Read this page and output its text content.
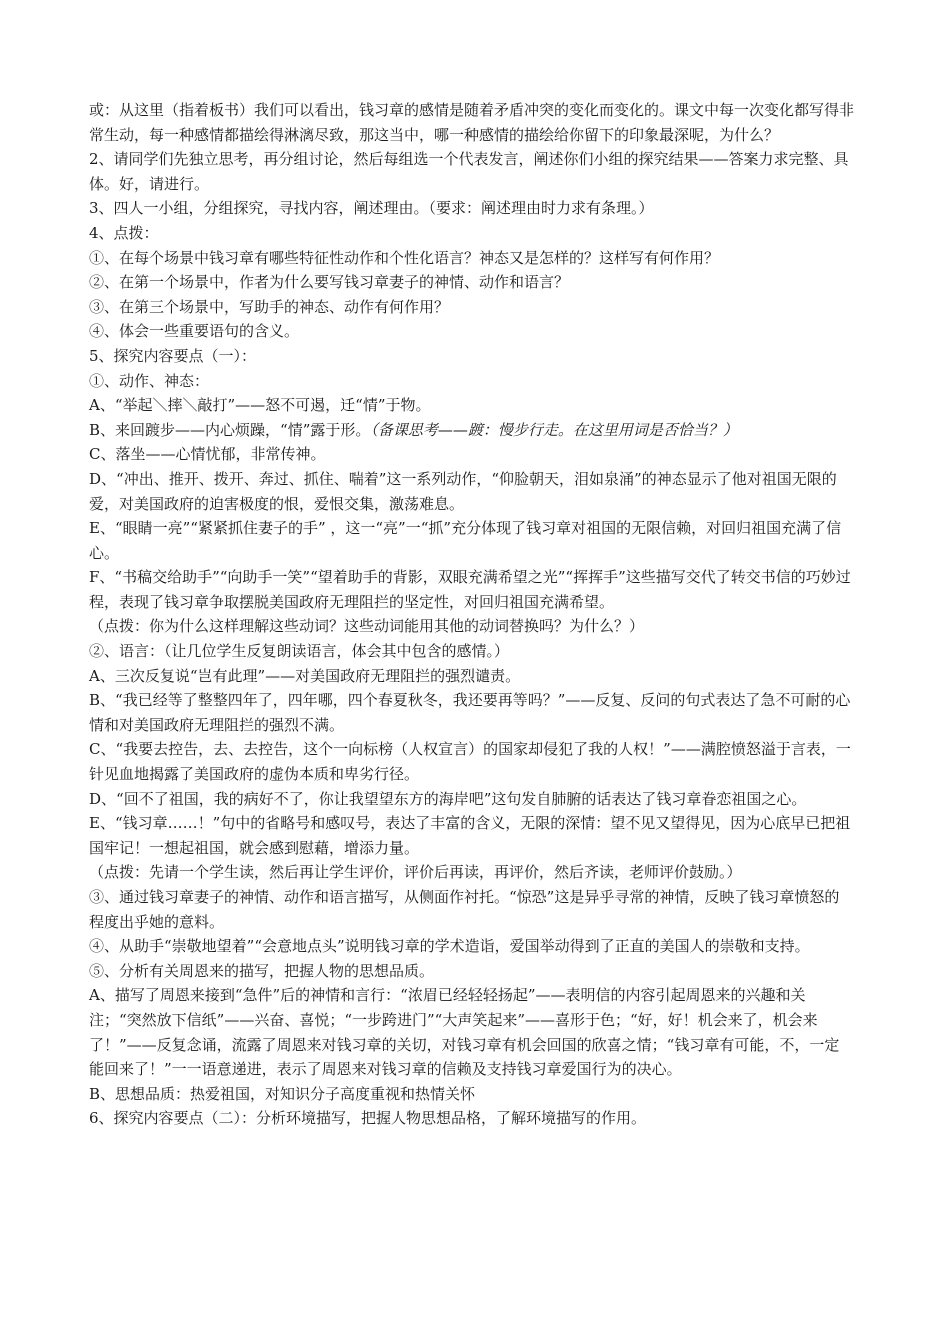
或：从这里（指着板书）我们可以看出，钱习章的感情是随着矛盾冲突的变化而变化的。课文中每一次变化都写得非常生动，每一种感情都描绘得淋漓尽致，那这当中，哪一种感情的描绘给你留下的印象最深呢，为什么？

2、请同学们先独立思考，再分组讨论，然后每组选一个代表发言，阐述你们小组的探究结果——答案力求完整、具体。好，请进行。

3、四人一小组，分组探究，寻找内容，阐述理由。（要求：阐述理由时力求有条理。）

4、点拨：

①、在每个场景中钱习章有哪些特征性动作和个性化语言？神态又是怎样的？这样写有何作用？

②、在第一个场景中，作者为什么要写钱习章妻子的神情、动作和语言？

③、在第三个场景中，写助手的神态、动作有何作用？

④、体会一些重要语句的含义。

5、探究内容要点（一）：

①、动作、神态：

A、“举起＼摔＼敲打”——怒不可遏，迁“情”于物。

B、来回踱步——内心烦躁，“情”露于形。（备课思考——踱：慢步行走。在这里用词是否恰当？）

C、落坐——心情忧郁，非常传神。

D、“冲出、推开、拨开、奔过、抓住、喘着”这一系列动作，“仰脸朝天，泪如泉涌”的神态显示了他对祖国无限的爱，对美国政府的迫害极度的恨，爱恨交集，激荡难息。

E、“眼睛一亮”“紧紧抓住妻子的手” ，这一“亮”一“抓”充分体现了钱习章对祖国的无限信赖，对回归祖国充满了信心。

F、“书稿交给助手”“向助手一笑”“望着助手的背影，双眼充满希望之光”“挥挥手”这些描写交代了转交书信的巧妙过程，表现了钱习章争取摆脱美国政府无理阻拦的坚定性，对回归祖国充满希望。

（点拨：你为什么这样理解这些动词？这些动词能用其他的动词替换吗？为什么？）

②、语言：（让几位学生反复朗读语言，体会其中包含的感情。）

A、三次反复说“岂有此理”——对美国政府无理阻拦的强烈谴责。

B、“我已经等了整整四年了，四年哪，四个春夏秋冬，我还要再等吗？”——反复、反问的句式表达了急不可耐的心情和对美国政府无理阻拦的强烈不满。

C、“我要去控告，去、去控告，这个一向标榜（人权宣言）的国家却侵犯了我的人权！”——满腔愤怒溢于言表，一针见血地揭露了美国政府的虚伪本质和卑劣行径。

D、“回不了祖国，我的病好不了，你让我望望东方的海岸吧”这句发自肺腑的话表达了钱习章眷恋祖国之心。

E、“钱习章……！”句中的省略号和感叹号，表达了丰富的含义，无限的深情：望不见又望得见，因为心底早已把祖国牢记！一想起祖国，就会感到慰藉，增添力量。

（点拨：先请一个学生读，然后再让学生评价，评价后再读，再评价，然后齐读，老师评价鼓励。）

③、通过钱习章妻子的神情、动作和语言描写，从侧面作衬托。“惊恐”这是异乎寻常的神情，反映了钱习章愤怒的程度出乎她的意料。

④、从助手“崇敬地望着”“会意地点头”说明钱习章的学术造诣，爱国举动得到了正直的美国人的崇敬和支持。

⑤、分析有关周恩来的描写，把握人物的思想品质。

A、描写了周恩来接到“急件”后的神情和言行：“浓眉已经轻轻扬起”——表明信的内容引起周恩来的兴趣和关注；“突然放下信纸”——兴奋、喜悦；“一步跨进门”“大声笑起来”——喜形于色；“好，好！机会来了，机会来了！”——反复念诵，流露了周恩来对钱习章的关切，对钱习章有机会回国的欣喜之情；“钱习章有可能，不，一定能回来了！”一一语意递进，表示了周恩来对钱习章的信赖及支持钱习章爱国行为的决心。

B、思想品质：热爱祖国，对知识分子高度重视和热情关怀

6、探究内容要点（二）：分析环境描写，把握人物思想品格，了解环境描写的作用。
